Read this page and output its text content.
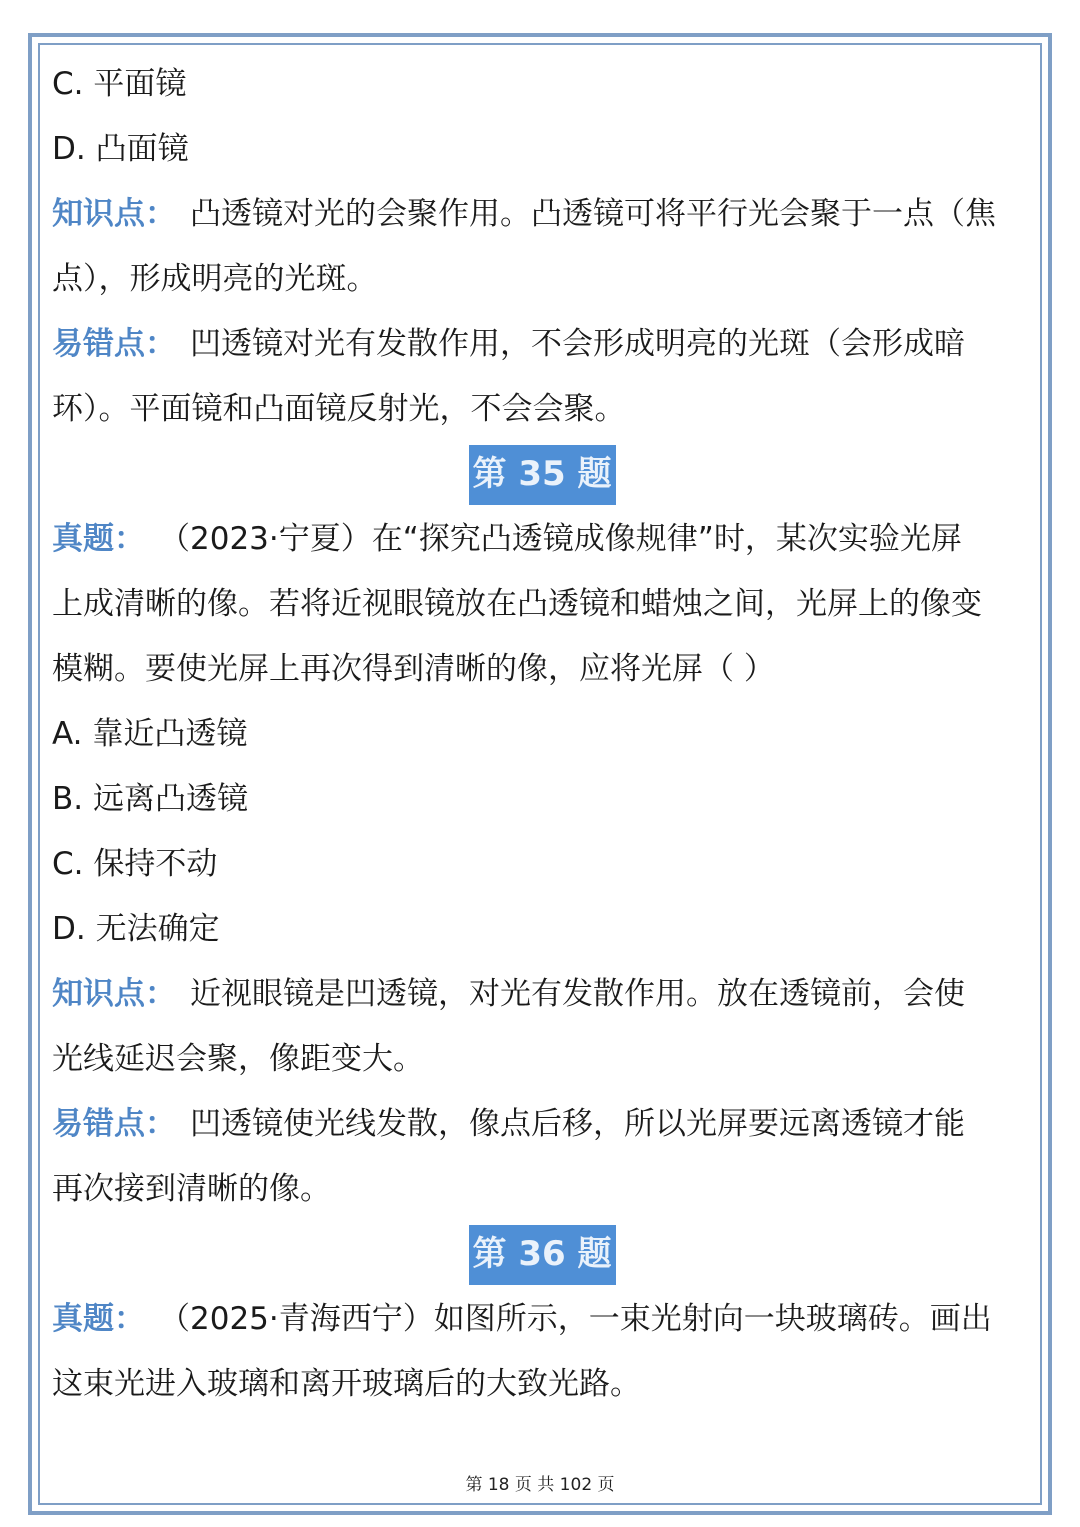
C. 平面镜
D. 凸面镜
知识点： 凸透镜对光的会聚作用。凸透镜可将平行光会聚于一点（焦
点），形成明亮的光斑。
易错点： 凹透镜对光有发散作用，不会形成明亮的光斑（会形成暗
环）。平面镜和凸面镜反射光，不会会聚。
第 35 题
真题： （2023·宁夏）在“探究凸透镜成像规律”时，某次实验光屏
上成清晰的像。若将近视眼镜放在凸透镜和蜡烛之间，光屏上的像变
模糊。要使光屏上再次得到清晰的像，应将光屏（ ）
A. 靠近凸透镜
B. 远离凸透镜
C. 保持不动
D. 无法确定
知识点： 近视眼镜是凹透镜，对光有发散作用。放在透镜前，会使
光线延迟会聚，像距变大。
易错点： 凹透镜使光线发散，像点后移，所以光屏要远离透镜才能
再次接到清晰的像。
第 36 题
真题： （2025·青海西宁）如图所示，一束光射向一块玻璃砖。画出
这束光进入玻璃和离开玻璃后的大致光路。
第 18 页 共 102 页
